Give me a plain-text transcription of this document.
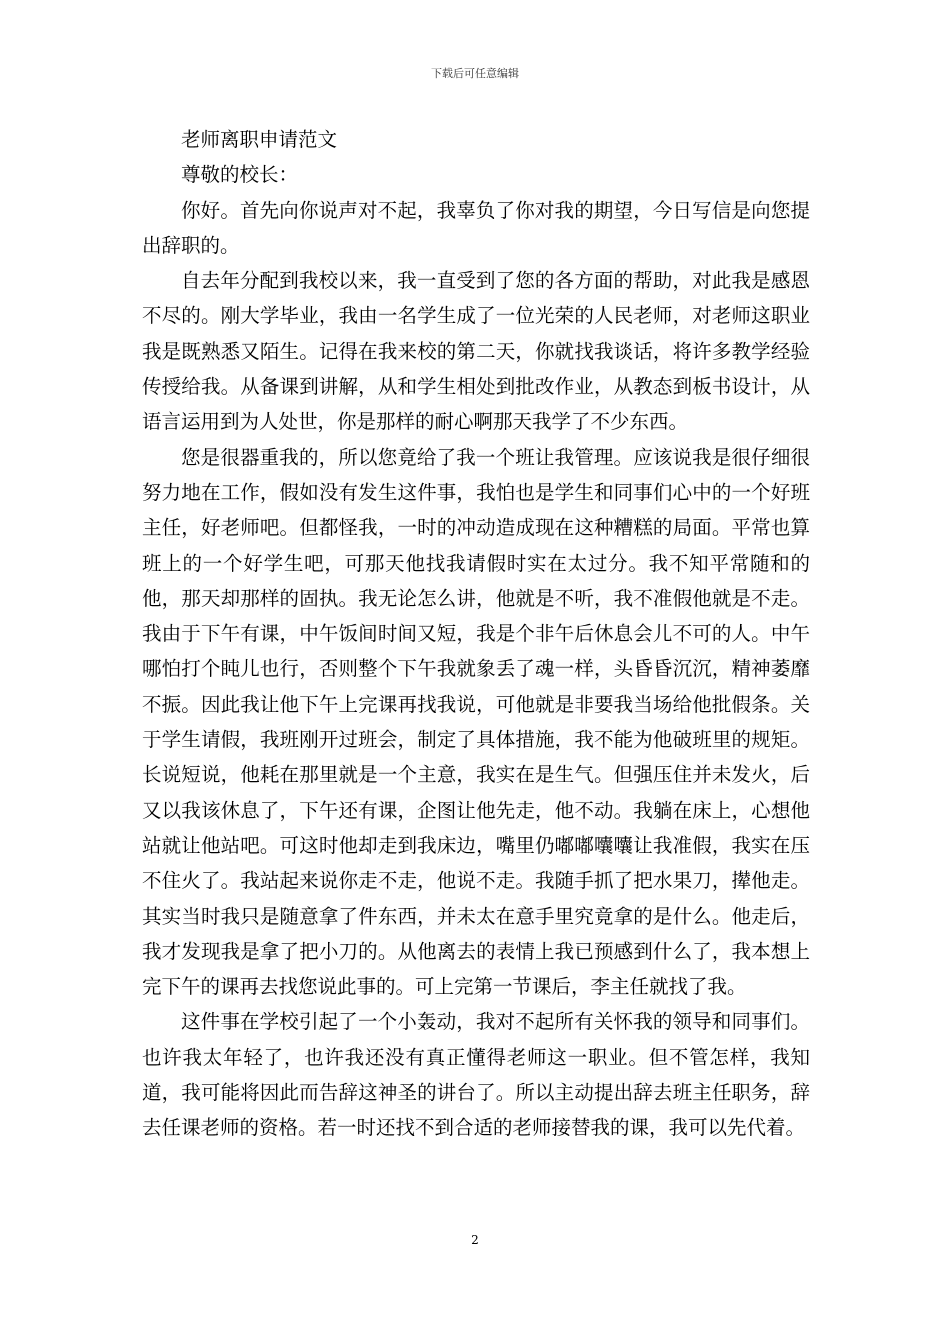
下载后可任意编辑

老师离职申请范文

尊敬的校长：

你好。首先向你说声对不起，我辜负了你对我的期望，今日写信是向您提出辞职的。

自去年分配到我校以来，我一直受到了您的各方面的帮助，对此我是感恩不尽的。刚大学毕业，我由一名学生成了一位光荣的人民老师，对老师这职业我是既熟悉又陌生。记得在我来校的第二天，你就找我谈话，将许多教学经验传授给我。从备课到讲解，从和学生相处到批改作业，从教态到板书设计，从语言运用到为人处世，你是那样的耐心啊那天我学了不少东西。

您是很器重我的，所以您竟给了我一个班让我管理。应该说我是很仔细很努力地在工作，假如没有发生这件事，我怕也是学生和同事们心中的一个好班主任，好老师吧。但都怪我，一时的冲动造成现在这种糟糕的局面。平常也算班上的一个好学生吧，可那天他找我请假时实在太过分。我不知平常随和的他，那天却那样的固执。我无论怎么讲，他就是不听，我不准假他就是不走。我由于下午有课，中午饭间时间又短，我是个非午后休息会儿不可的人。中午哪怕打个盹儿也行，否则整个下午我就象丢了魂一样，头昏昏沉沉，精神萎靡不振。因此我让他下午上完课再找我说，可他就是非要我当场给他批假条。关于学生请假，我班刚开过班会，制定了具体措施，我不能为他破班里的规矩。长说短说，他耗在那里就是一个主意，我实在是生气。但强压住并未发火，后又以我该休息了，下午还有课，企图让他先走，他不动。我躺在床上，心想他站就让他站吧。可这时他却走到我床边，嘴里仍嘟嘟囔囔让我准假，我实在压不住火了。我站起来说你走不走，他说不走。我随手抓了把水果刀，撵他走。其实当时我只是随意拿了件东西，并未太在意手里究竟拿的是什么。他走后，我才发现我是拿了把小刀的。从他离去的表情上我已预感到什么了，我本想上完下午的课再去找您说此事的。可上完第一节课后，李主任就找了我。

这件事在学校引起了一个小轰动，我对不起所有关怀我的领导和同事们。也许我太年轻了，也许我还没有真正懂得老师这一职业。但不管怎样，我知道，我可能将因此而告辞这神圣的讲台了。所以主动提出辞去班主任职务，辞去任课老师的资格。若一时还找不到合适的老师接替我的课，我可以先代着。

2
